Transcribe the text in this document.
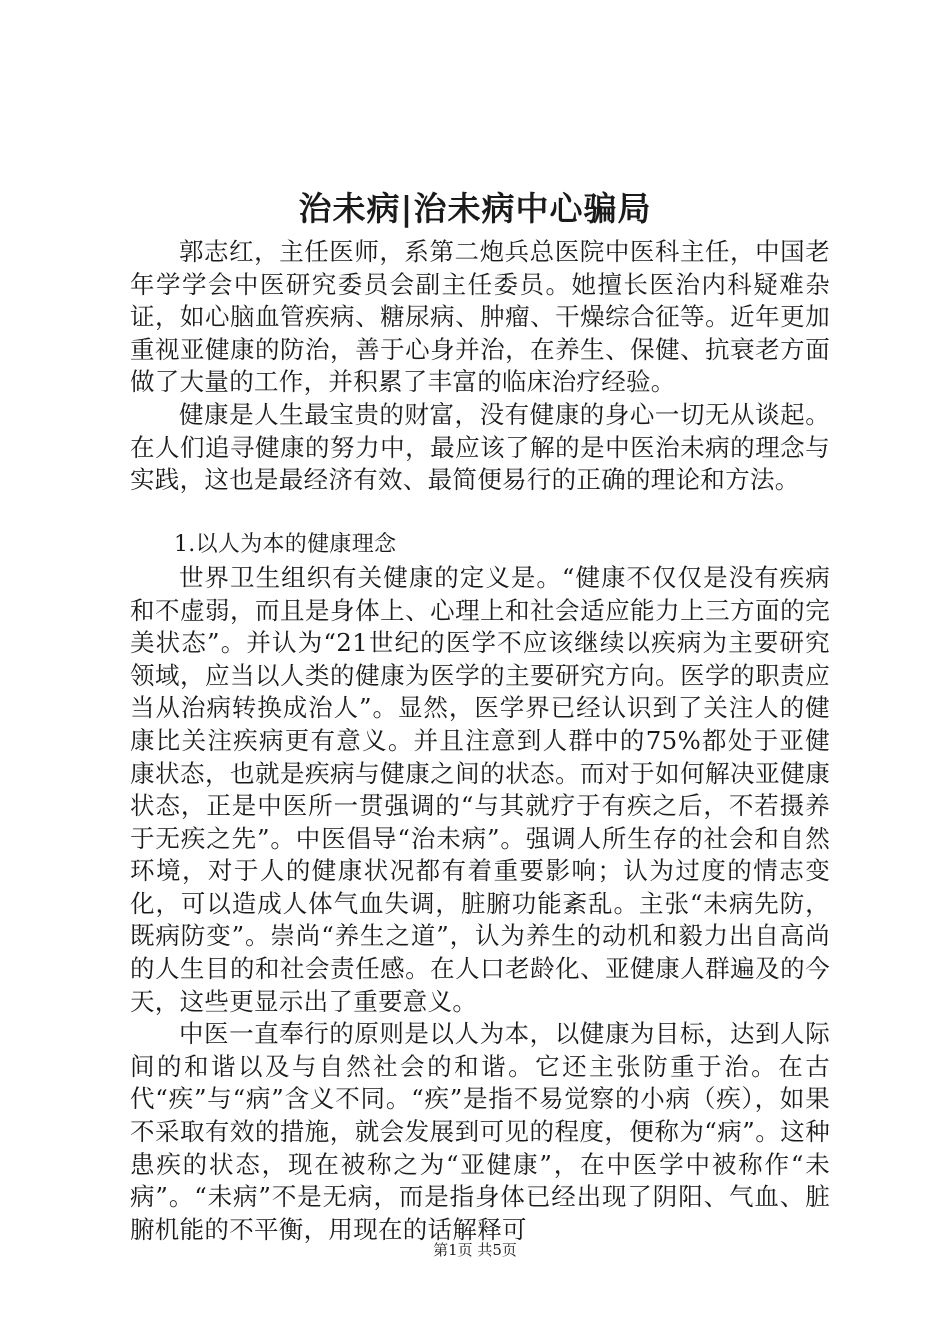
治未病|治未病中心骗局

郭志红，主任医师，系第二炮兵总医院中医科主任，中国老年学学会中医研究委员会副主任委员。她擅长医治内科疑难杂证，如心脑血管疾病、糖尿病、肿瘤、干燥综合征等。近年更加重视亚健康的防治，善于心身并治，在养生、保健、抗衰老方面做了大量的工作，并积累了丰富的临床治疗经验。

健康是人生最宝贵的财富，没有健康的身心一切无从谈起。在人们追寻健康的努力中，最应该了解的是中医治未病的理念与实践，这也是最经济有效、最简便易行的正确的理论和方法。

1.以人为本的健康理念

世界卫生组织有关健康的定义是。“健康不仅仅是没有疾病和不虚弱，而且是身体上、心理上和社会适应能力上三方面的完美状态”。并认为“21世纪的医学不应该继续以疾病为主要研究领域，应当以人类的健康为医学的主要研究方向。医学的职责应当从治病转换成治人”。显然，医学界已经认识到了关注人的健康比关注疾病更有意义。并且注意到人群中的75%都处于亚健康状态，也就是疾病与健康之间的状态。而对于如何解决亚健康状态，正是中医所一贯强调的“与其就疗于有疾之后，不若摄养于无疾之先”。中医倡导“治未病”。强调人所生存的社会和自然环境，对于人的健康状况都有着重要影响；认为过度的情志变化，可以造成人体气血失调，脏腑功能紊乱。主张“未病先防，既病防变”。崇尚“养生之道”，认为养生的动机和毅力出自高尚的人生目的和社会责任感。在人口老龄化、亚健康人群遍及的今天，这些更显示出了重要意义。

中医一直奉行的原则是以人为本，以健康为目标，达到人际间的和谐以及与自然社会的和谐。它还主张防重于治。在古代“疾”与“病”含义不同。“疾”是指不易觉察的小病（疾），如果不采取有效的措施，就会发展到可见的程度，便称为“病”。这种患疾的状态，现在被称之为“亚健康”，在中医学中被称作“未病”。“未病”不是无病，而是指身体已经出现了阴阳、气血、脏腑机能的不平衡，用现在的话解释可

第1页 共5页
